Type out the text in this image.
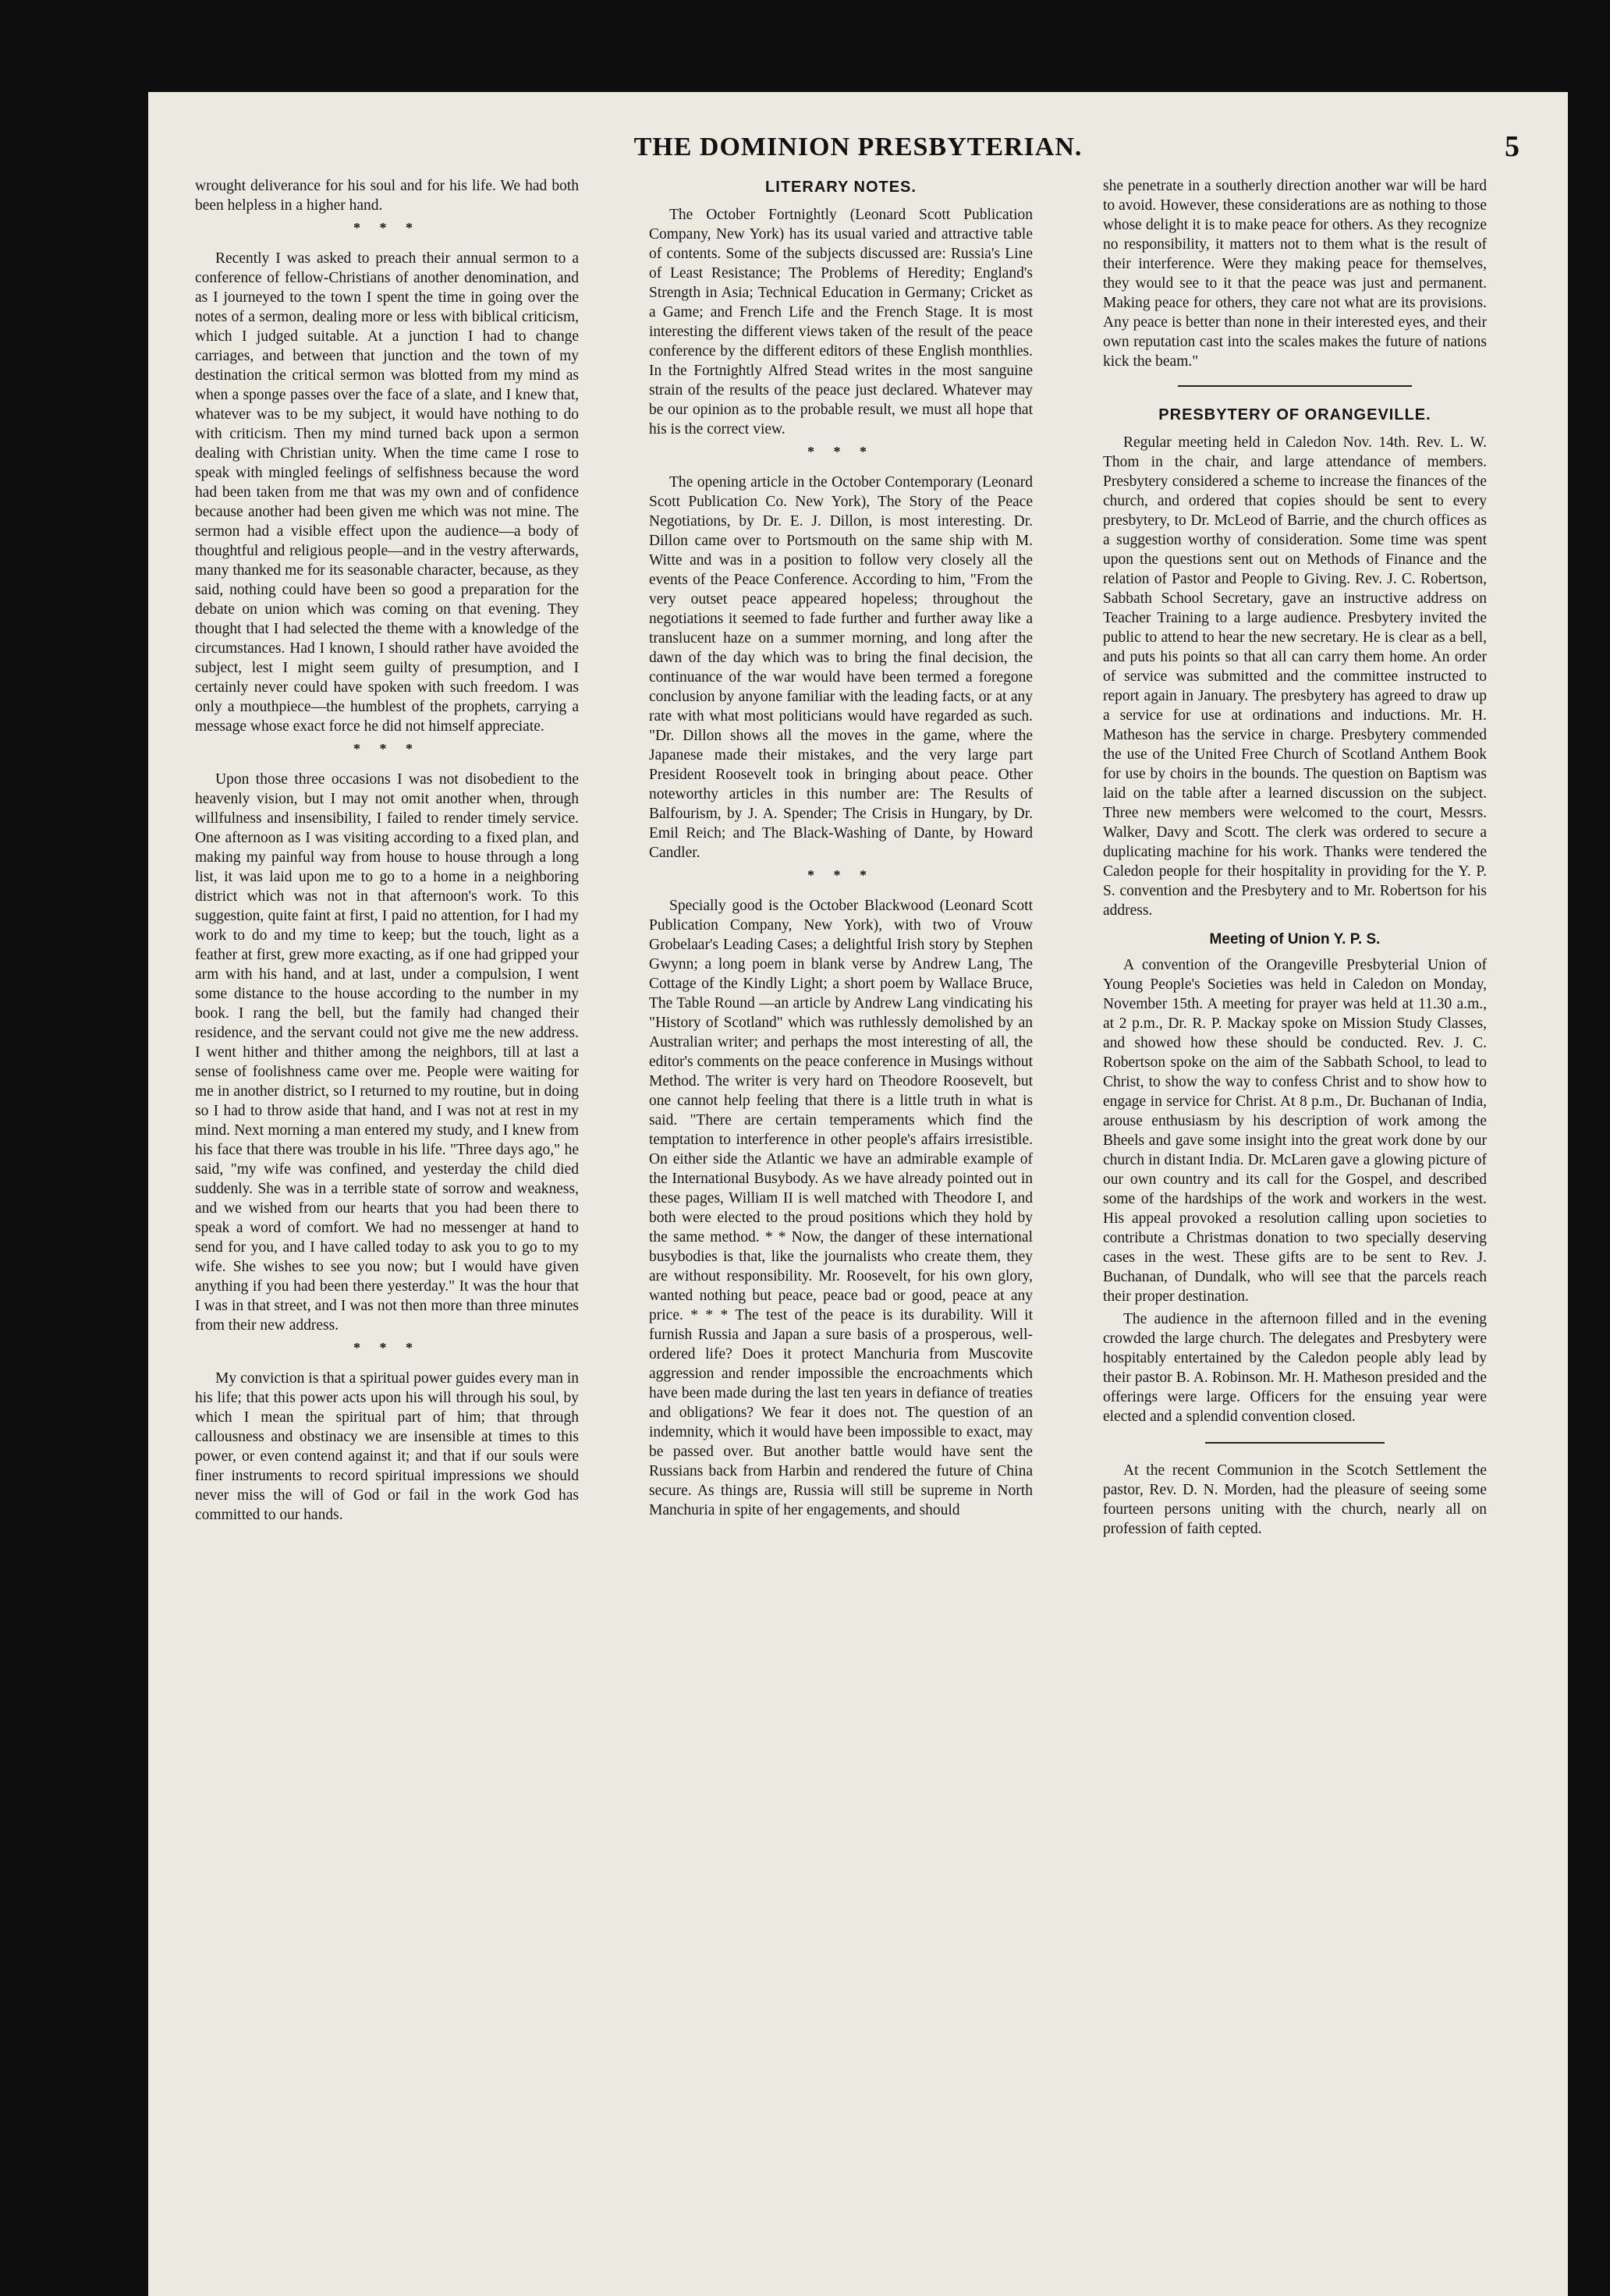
THE DOMINION PRESBYTERIAN.	5

wrought deliverance for his soul and for his life. We had both been helpless in a higher hand.

* * *

Recently I was asked to preach their annual sermon to a conference of fellow-Christians of another denomination, and as I journeyed to the town I spent the time in going over the notes of a sermon, dealing more or less with biblical criticism, which I judged suitable. At a junction I had to change carriages, and between that junction and the town of my destination the critical sermon was blotted from my mind as when a sponge passes over the face of a slate, and I knew that, whatever was to be my subject, it would have nothing to do with criticism. Then my mind turned back upon a sermon dealing with Christian unity. When the time came I rose to speak with mingled feelings of selfishness because the word had been taken from me that was my own and of confidence because another had been given me which was not mine. The sermon had a visible effect upon the audience—a body of thoughtful and religious people—and in the vestry afterwards, many thanked me for its seasonable character, because, as they said, nothing could have been so good a preparation for the debate on union which was coming on that evening. They thought that I had selected the theme with a knowledge of the circumstances. Had I known, I should rather have avoided the subject, lest I might seem guilty of presumption, and I certainly never could have spoken with such freedom. I was only a mouthpiece—the humblest of the prophets, carrying a message whose exact force he did not himself appreciate.

* * *

Upon those three occasions I was not disobedient to the heavenly vision, but I may not omit another when, through willfulness and insensibility, I failed to render timely service. One afternoon as I was visiting according to a fixed plan, and making my painful way from house to house through a long list, it was laid upon me to go to a home in a neighboring district which was not in that afternoon's work. To this suggestion, quite faint at first, I paid no attention, for I had my work to do and my time to keep; but the touch, light as a feather at first, grew more exacting, as if one had gripped your arm with his hand, and at last, under a compulsion, I went some distance to the house according to the number in my book. I rang the bell, but the family had changed their residence, and the servant could not give me the new address. I went hither and thither among the neighbors, till at last a sense of foolishness came over me. People were waiting for me in another district, so I returned to my routine, but in doing so I had to throw aside that hand, and I was not at rest in my mind. Next morning a man entered my study, and I knew from his face that there was trouble in his life. "Three days ago," he said, "my wife was confined, and yesterday the child died suddenly. She was in a terrible state of sorrow and weakness, and we wished from our hearts that you had been there to speak a word of comfort. We had no messenger at hand to send for you, and I have called today to ask you to go to my wife. She wishes to see you now; but I would have given anything if you had been there yesterday." It was the hour that I was in that street, and I was not then more than three minutes from their new address.

* * *

My conviction is that a spiritual power guides every man in his life; that this power acts upon his will through his soul, by which I mean the spiritual part of him; that through callousness and obstinacy we are insensible at times to this power, or even contend against it; and that if our souls were finer instruments to record spiritual impressions we should never miss the will of God or fail in the work God has committed to our hands.

LITERARY NOTES.

The October Fortnightly (Leonard Scott Publication Company, New York) has its usual varied and attractive table of contents. Some of the subjects discussed are: Russia's Line of Least Resistance; The Problems of Heredity; England's Strength in Asia; Technical Education in Germany; Cricket as a Game; and French Life and the French Stage. It is most interesting the different views taken of the result of the peace conference by the different editors of these English monthlies. In the Fortnightly Alfred Stead writes in the most sanguine strain of the results of the peace just declared. Whatever may be our opinion as to the probable result, we must all hope that his is the correct view.

* * *

The opening article in the October Contemporary (Leonard Scott Publication Co. New York), The Story of the Peace Negotiations, by Dr. E. J. Dillon, is most interesting. Dr. Dillon came over to Portsmouth on the same ship with M. Witte and was in a position to follow very closely all the events of the Peace Conference. According to him, "From the very outset peace appeared hopeless; throughout the negotiations it seemed to fade further and further away like a translucent haze on a summer morning, and long after the dawn of the day which was to bring the final decision, the continuance of the war would have been termed a foregone conclusion by anyone familiar with the leading facts, or at any rate with what most politicians would have regarded as such. "Dr. Dillon shows all the moves in the game, where the Japanese made their mistakes, and the very large part President Roosevelt took in bringing about peace. Other noteworthy articles in this number are: The Results of Balfourism, by J. A. Spender; The Crisis in Hungary, by Dr. Emil Reich; and The Black-Washing of Dante, by Howard Candler.

* * *

Specially good is the October Blackwood (Leonard Scott Publication Company, New York), with two of Vrouw Grobelaar's Leading Cases; a delightful Irish story by Stephen Gwynn; a long poem in blank verse by Andrew Lang, The Cottage of the Kindly Light; a short poem by Wallace Bruce, The Table Round —an article by Andrew Lang vindicating his "History of Scotland" which was ruthlessly demolished by an Australian writer; and perhaps the most interesting of all, the editor's comments on the peace conference in Musings without Method. The writer is very hard on Theodore Roosevelt, but one cannot help feeling that there is a little truth in what is said. "There are certain temperaments which find the temptation to interference in other people's affairs irresistible. On either side the Atlantic we have an admirable example of the International Busybody. As we have already pointed out in these pages, William II is well matched with Theodore I, and both were elected to the proud positions which they hold by the same method. * * Now, the danger of these international busybodies is that, like the journalists who create them, they are without responsibility. Mr. Roosevelt, for his own glory, wanted nothing but peace, peace bad or good, peace at any price. * * * The test of the peace is its durability. Will it furnish Russia and Japan a sure basis of a prosperous, well-ordered life? Does it protect Manchuria from Muscovite aggression and render impossible the encroachments which have been made during the last ten years in defiance of treaties and obligations? We fear it does not. The question of an indemnity, which it would have been impossible to exact, may be passed over. But another battle would have sent the Russians back from Harbin and rendered the future of China secure. As things are, Russia will still be supreme in North Manchuria in spite of her engagements, and should

she penetrate in a southerly direction another war will be hard to avoid. However, these considerations are as nothing to those whose delight it is to make peace for others. As they recognize no responsibility, it matters not to them what is the result of their interference. Were they making peace for themselves, they would see to it that the peace was just and permanent. Making peace for others, they care not what are its provisions. Any peace is better than none in their interested eyes, and their own reputation cast into the scales makes the future of nations kick the beam."

PRESBYTERY OF ORANGEVILLE.

Regular meeting held in Caledon Nov. 14th. Rev. L. W. Thom in the chair, and large attendance of members. Presbytery considered a scheme to increase the finances of the church, and ordered that copies should be sent to every presbytery, to Dr. McLeod of Barrie, and the church offices as a suggestion worthy of consideration. Some time was spent upon the questions sent out on Methods of Finance and the relation of Pastor and People to Giving. Rev. J. C. Robertson, Sabbath School Secretary, gave an instructive address on Teacher Training to a large audience. Presbytery invited the public to attend to hear the new secretary. He is clear as a bell, and puts his points so that all can carry them home. An order of service was submitted and the committee instructed to report again in January. The presbytery has agreed to draw up a service for use at ordinations and inductions. Mr. H. Matheson has the service in charge. Presbytery commended the use of the United Free Church of Scotland Anthem Book for use by choirs in the bounds. The question on Baptism was laid on the table after a learned discussion on the subject. Three new members were welcomed to the court, Messrs. Walker, Davy and Scott. The clerk was ordered to secure a duplicating machine for his work. Thanks were tendered the Caledon people for their hospitality in providing for the Y. P. S. convention and the Presbytery and to Mr. Robertson for his address.

Meeting of Union Y. P. S.

A convention of the Orangeville Presbyterial Union of Young People's Societies was held in Caledon on Monday, November 15th. A meeting for prayer was held at 11.30 a.m., at 2 p.m., Dr. R. P. Mackay spoke on Mission Study Classes, and showed how these should be conducted. Rev. J. C. Robertson spoke on the aim of the Sabbath School, to lead to Christ, to show the way to confess Christ and to show how to engage in service for Christ. At 8 p.m., Dr. Buchanan of India, arouse enthusiasm by his description of work among the Bheels and gave some insight into the great work done by our church in distant India. Dr. McLaren gave a glowing picture of our own country and its call for the Gospel, and described some of the hardships of the work and workers in the west. His appeal provoked a resolution calling upon societies to contribute a Christmas donation to two specially deserving cases in the west. These gifts are to be sent to Rev. J. Buchanan, of Dundalk, who will see that the parcels reach their proper destination.

The audience in the afternoon filled and in the evening crowded the large church. The delegates and Presbytery were hospitably entertained by the Caledon people ably lead by their pastor B. A. Robinson. Mr. H. Matheson presided and the offerings were large. Officers for the ensuing year were elected and a splendid convention closed.

At the recent Communion in the Scotch Settlement the pastor, Rev. D. N. Morden, had the pleasure of seeing some fourteen persons uniting with the church, nearly all on profession of faith cepted.
